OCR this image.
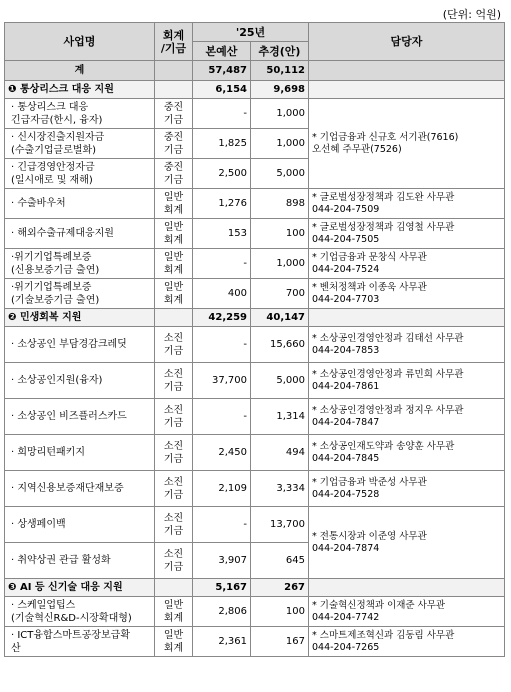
(단위: 억원)
사업명	회계
/기금	'25년		담당자
		본예산	추경(안)	
계		57,487	50,112	
❶ 통상리스크 대응 지원		6,154	9,698	
· 통상리스크 대응
긴급자금(한시, 융자)	중진
기금	-	1,000	* 기업금융과 신규호 서기관(7616)
오선혜 주무관(7526)
· 신시장진출지원자금
(수출기업글로벌화)	중진
기금	1,825	1,000	
· 긴급경영안정자금
(일시애로 및 재해)	중진
기금	2,500	5,000	
· 수출바우처	일반
회계	1,276	898	* 글로벌성장정책과 김도완 사무관
044-204-7509
· 해외수출규제대응지원	일반
회계	153	100	* 글로벌성장정책과 김영철 사무관
044-204-7505
·위기기업특례보증
(신용보증기금 출연)	일반
회계	-	1,000	* 기업금융과 문창식 사무관
044-204-7524
·위기기업특례보증
(기술보증기금 출연)	일반
회계	400	700	* 벤처정책과 이종욱 사무관
044-204-7703
❷ 민생회복 지원		42,259	40,147	
· 소상공인 부담경감크레딧	소진
기금	-	15,660	* 소상공인경영안정과 김태선 사무관
044-204-7853
· 소상공인지원(융자)	소진
기금	37,700	5,000	* 소상공인경영안정과 류민희 사무관
044-204-7861
· 소상공인 비즈플러스카드	소진
기금	-	1,314	* 소상공인경영안정과 정지우 사무관
044-204-7847
· 희망리턴패키지	소진
기금	2,450	494	* 소상공인재도약과 송양훈 사무관
044-204-7845
· 지역신용보증재단재보증	소진
기금	2,109	3,334	* 기업금융과 박준성 사무관
044-204-7528
· 상생페이백	소진
기금	-	13,700	* 전통시장과 이준영 사무관
044-204-7874
· 취약상권 관급 활성화	소진
기금	3,907	645	
❸ AI 등 신기술 대응 지원		5,167	267	
· 스케일업팁스
(기술혁신R&D-시장확대형)	일반
회계	2,806	100	* 기술혁신정책과 이재준 사무관
044-204-7742
· ICT융합스마트공장보급확
산	일반
회계	2,361	167	* 스마트제조혁신과 김동림 사무관
044-204-7265
